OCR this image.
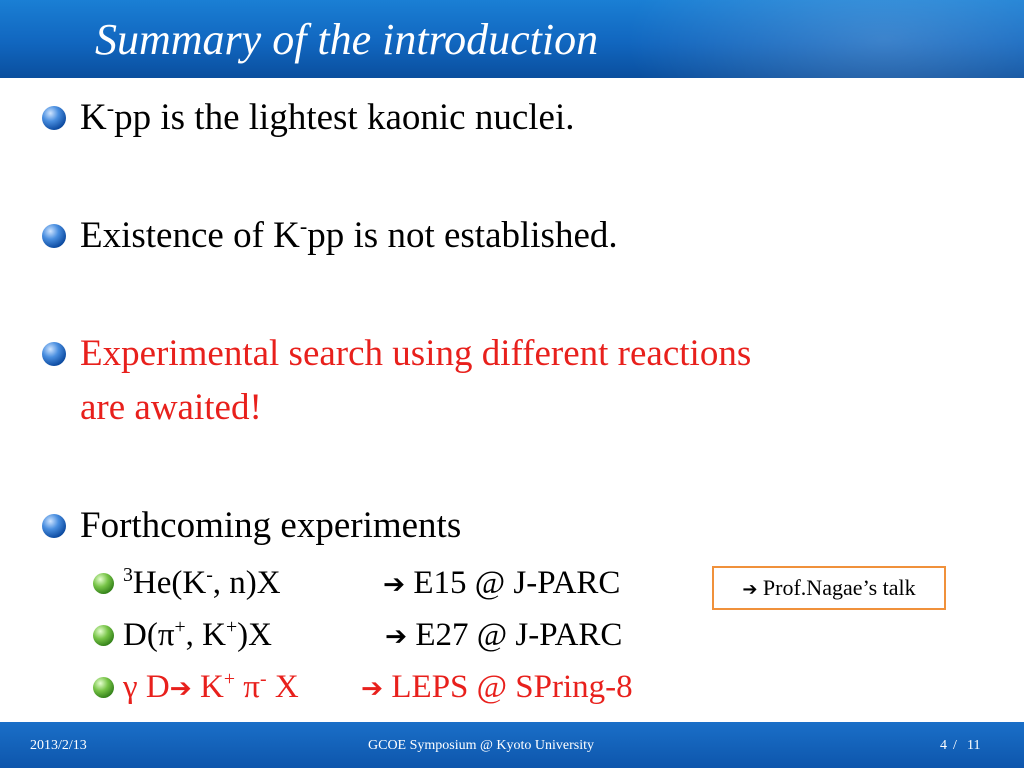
Summary of the introduction
K-pp is the lightest kaonic nuclei.
Existence of K-pp is not established.
Experimental search using different reactions
are awaited!
Forthcoming experiments
$^3$He(K-, n)X	➔ E15 @ J-PARC
D(π+, K+)X	➔ E27 @ J-PARC
γ D➔ K+ π- X ➔ LEPS @ SPring-8
➔ Prof.Nagae’s talk
2013/2/13	GCOE Symposium @ Kyoto University	4 / 11
